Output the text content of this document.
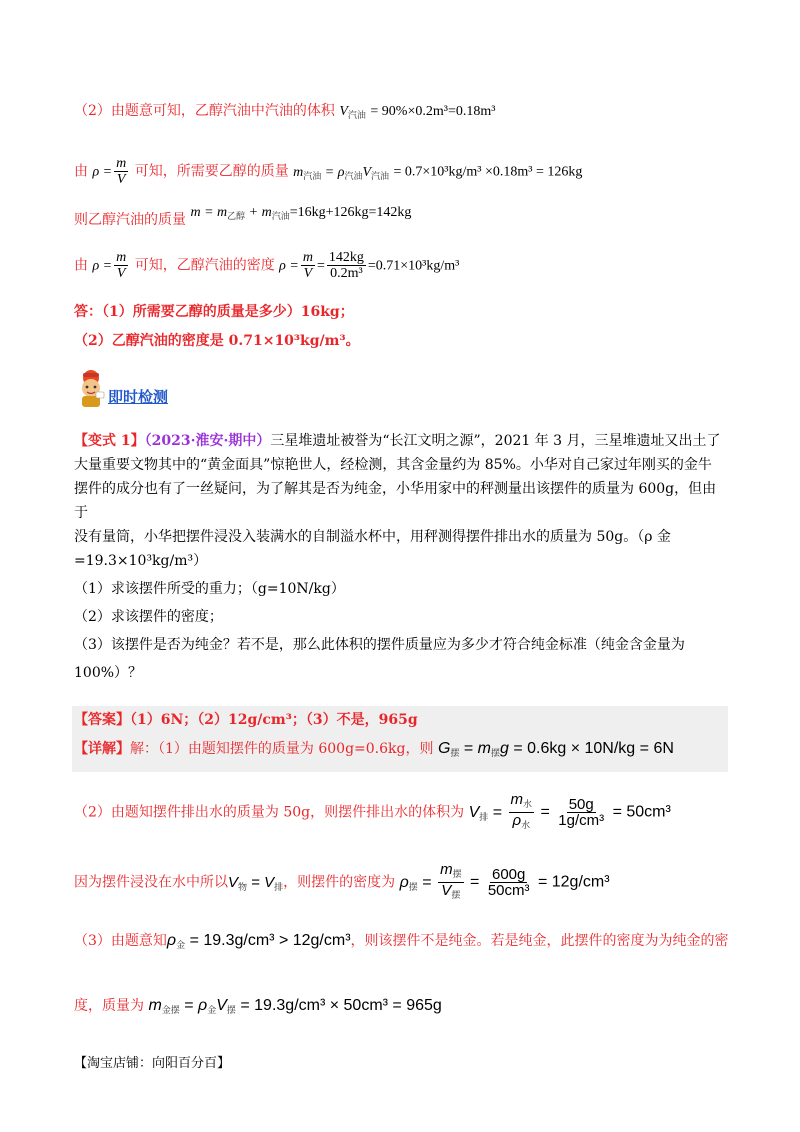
（2）由题意可知，乙醇汽油中汽油的体积 $V_{汽油} = 90\%\times 0.2m^3=0.18m^3$
由 $\rho = \frac{m}{V}$ 可知，所需要乙醇的质量 $m_{汽油} = \rho_{汽油}V_{汽油} = 0.7\times 10^3kg/m^3 \times 0.18m^3 = 126kg$
则乙醇汽油的质量 $m = m_{乙醇} + m_{汽油}=16kg+126kg=142kg$
由 $\rho = \frac{m}{V}$ 可知，乙醇汽油的密度 $\rho = \frac{m}{V} = \frac{142kg}{\text{0.2m³}} =0.71\times 10^3kg/m^3$
答：（1）所需要乙醇的质量是多少）16kg；
（2）乙醇汽油的密度是 0.71×10³kg/m³。
即时检测
【变式 1】（2023·淮安·期中）三星堆遗址被誉为“长江文明之源”，2021 年 3 月，三星堆遗址又出土了
大量重要文物其中的“黄金面具”惊艳世人，经检测，其含金量约为 85%。小华对自己家过年刚买的金牛
摆件的成分也有了一丝疑问，为了解其是否为纯金，小华用家中的秤测量出该摆件的质量为 600g，但由于
没有量筒，小华把摆件浸没入装满水的自制溢水杯中，用秤测得摆件排出水的质量为 50g。（ρ 金
=19.3×10³kg/m³）
（1）求该摆件所受的重力；（g=10N/kg）
（2）求该摆件的密度；
（3）该摆件是否为纯金？若不是，那么此体积的摆件质量应为多少才符合纯金标准（纯金含金量为
100%）？
【答案】（1）6N；（2）12g/cm³；（3）不是，965g
【详解】解：（1）由题知摆件的质量为 600g=0.6kg，则 $G_摆 = m_摆g = 0.6kg \times 10N/kg = 6N$
（2）由题知摆件排出水的质量为 50g，则摆件排出水的体积为 $V_排 = \frac{m_水}{\rho_水} = \frac{50g}{\text{1g/cm³}} = 50cm^3$
因为摆件浸没在水中所以$V_物 = V_排$，则摆件的密度为 $\rho_摆 = \frac{m_摆}{V_摆} = \frac{600g}{\text{50cm³}} = 12g/cm^3$
（3）由题意知$\rho_金 = 19.3g/cm^3 > 12g/cm^3$，则该摆件不是纯金。若是纯金，此摆件的密度为为纯金的密
度，质量为 $m_{金摆} = \rho_金V_摆 = 19.3g/cm^3 \times 50cm^3 = 965g$
【淘宝店铺：向阳百分百】
